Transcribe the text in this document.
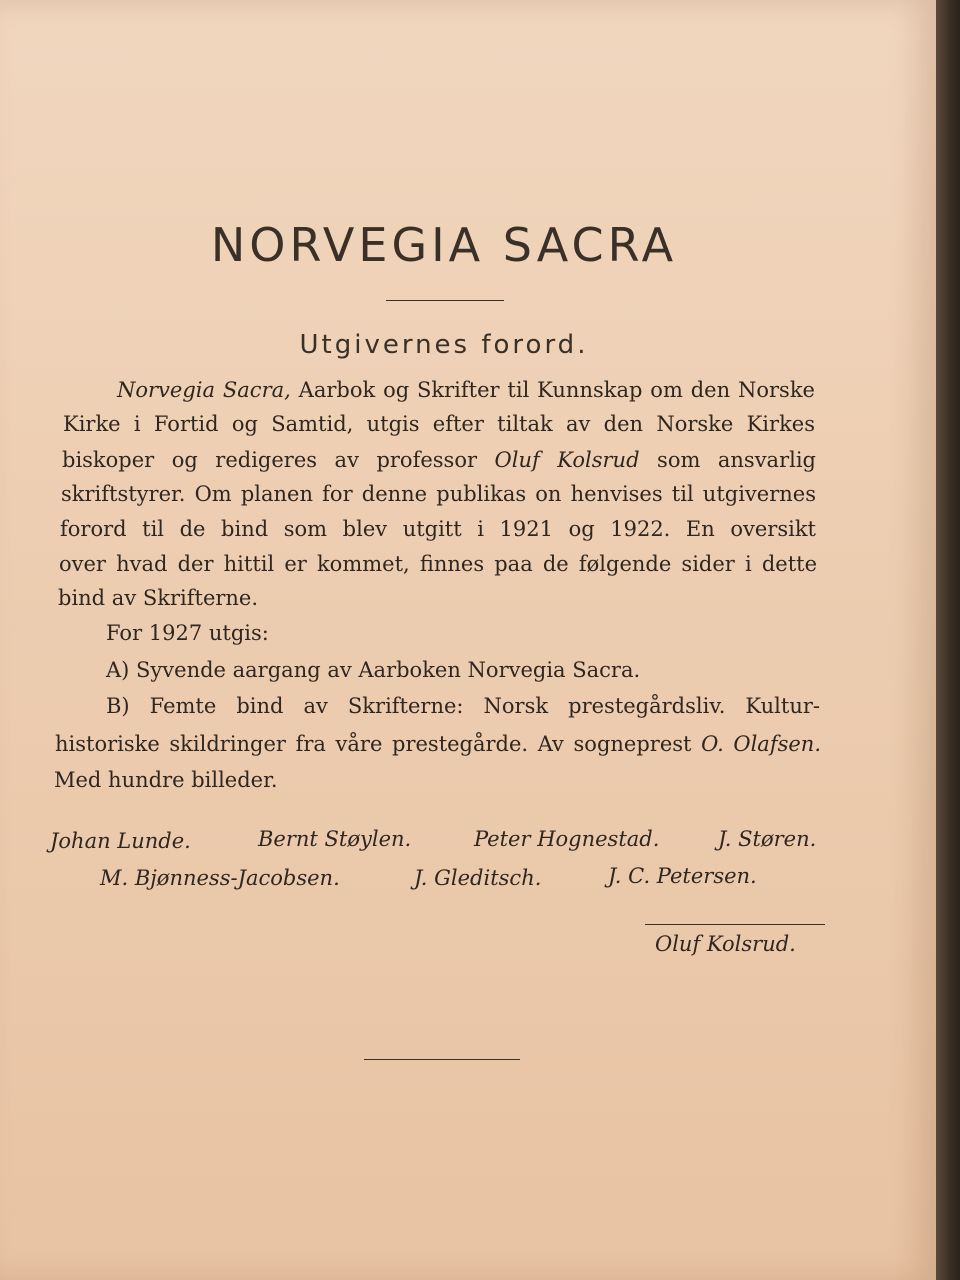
NORVEGIA SACRA
Utgivernes forord.
Norvegia Sacra, Aarbok og Skrifter til Kunnskap om den Norske
Kirke i Fortid og Samtid, utgis efter tiltak av den Norske Kirkes
biskoper og redigeres av professor Oluf Kolsrud som ansvarlig
skriftstyrer. Om planen for denne publikas on henvises til utgivernes
forord til de bind som blev utgitt i 1921 og 1922. En oversikt
over hvad der hittil er kommet, finnes paa de følgende sider i dette
bind av Skrifterne.
For 1927 utgis:
A) Syvende aargang av Aarboken Norvegia Sacra.
B) Femte bind av Skrifterne: Norsk prestegårdsliv. Kultur-
historiske skildringer fra våre prestegårde. Av sogneprest O. Olafsen.
Med hundre billeder.
Johan Lunde.	Bernt Støylen.	Peter Hognestad.	J. Støren.
M. Bjønness-Jacobsen.	J. Gleditsch.	J. C. Petersen.
Oluf Kolsrud.
